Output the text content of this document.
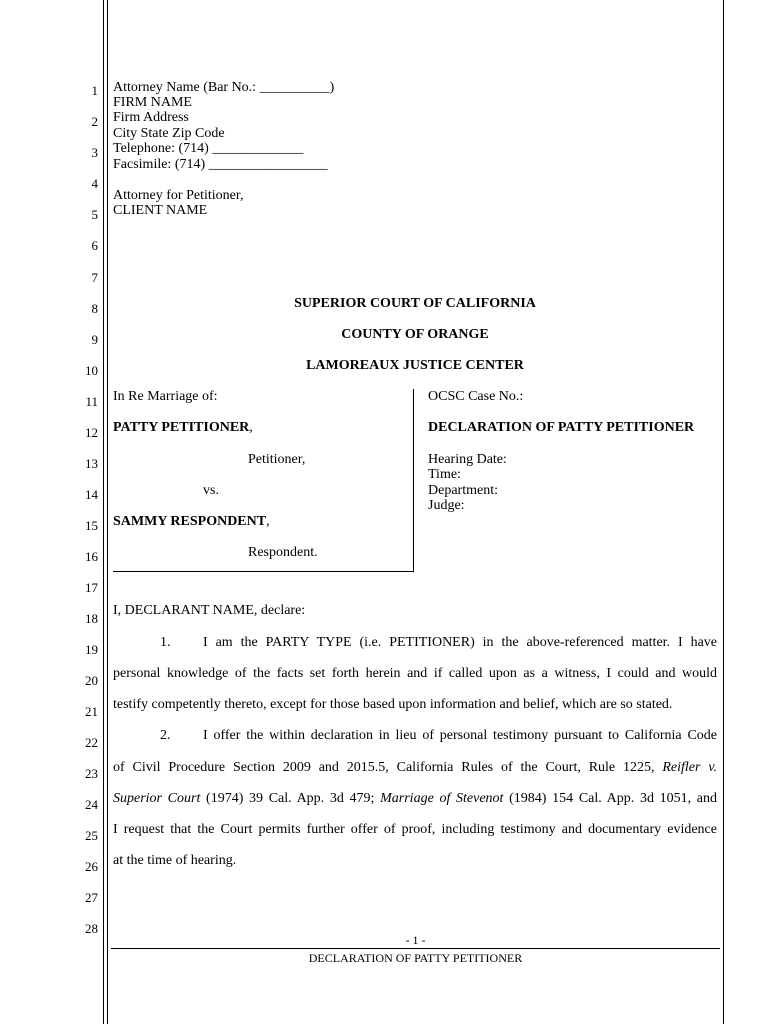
1
2
3
4
5
6
7
8
9
10
11
12
13
14
15
16
17
18
19
20
21
22
23
24
25
26
27
28
Attorney Name (Bar No.: __________)
FIRM NAME
Firm Address
City State Zip Code
Telephone: (714) _____________
Facsimile: (714) _________________
Attorney for Petitioner,
CLIENT NAME
SUPERIOR COURT OF CALIFORNIA
COUNTY OF ORANGE
LAMOREAUX JUSTICE CENTER
In Re Marriage of:
PATTY PETITIONER,
Petitioner,
vs.
SAMMY RESPONDENT,
Respondent.
OCSC Case No.:
DECLARATION OF PATTY PETITIONER
Hearing Date:
Time:
Department:
Judge:
I, DECLARANT NAME, declare:
1. I am the PARTY TYPE (i.e. PETITIONER) in the above-referenced matter. I have
personal knowledge of the facts set forth herein and if called upon as a witness, I could and would
testify competently thereto, except for those based upon information and belief, which are so stated.
2. I offer the within declaration in lieu of personal testimony pursuant to California Code
of Civil Procedure Section 2009 and 2015.5, California Rules of the Court, Rule 1225, Reifler v.
Superior Court (1974) 39 Cal. App. 3d 479; Marriage of Stevenot (1984) 154 Cal. App. 3d 1051, and
I request that the Court permits further offer of proof, including testimony and documentary evidence
at the time of hearing.
- 1 -
DECLARATION OF PATTY PETITIONER
